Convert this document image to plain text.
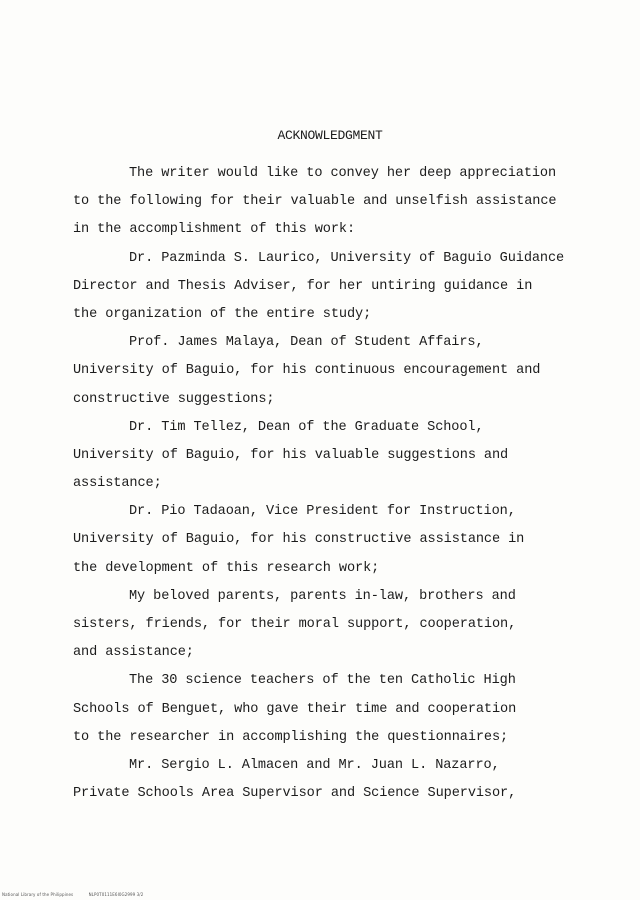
ACKNOWLEDGMENT
The writer would like to convey her deep appreciation
to the following for their valuable and unselfish assistance
in the accomplishment of this work:
Dr. Pazminda S. Laurico, University of Baguio Guidance
Director and Thesis Adviser, for her untiring guidance in
the organization of the entire study;
Prof. James Malaya, Dean of Student Affairs,
University of Baguio, for his continuous encouragement and
constructive suggestions;
Dr. Tim Tellez, Dean of the Graduate School,
University of Baguio, for his valuable suggestions and
assistance;
Dr. Pio Tadaoan, Vice President for Instruction,
University of Baguio, for his constructive assistance in
the development of this research work;
My beloved parents, parents in-law, brothers and
sisters, friends, for their moral support, cooperation,
and assistance;
The 30 science teachers of the ten Catholic High
Schools of Benguet, who gave their time and cooperation
to the researcher in accomplishing the questionnaires;
Mr. Sergio L. Almacen and Mr. Juan L. Nazarro,
Private Schools Area Supervisor and Science Supervisor,
National Library of the Philippines	NLP0T0111E6I0G2999 3/2
